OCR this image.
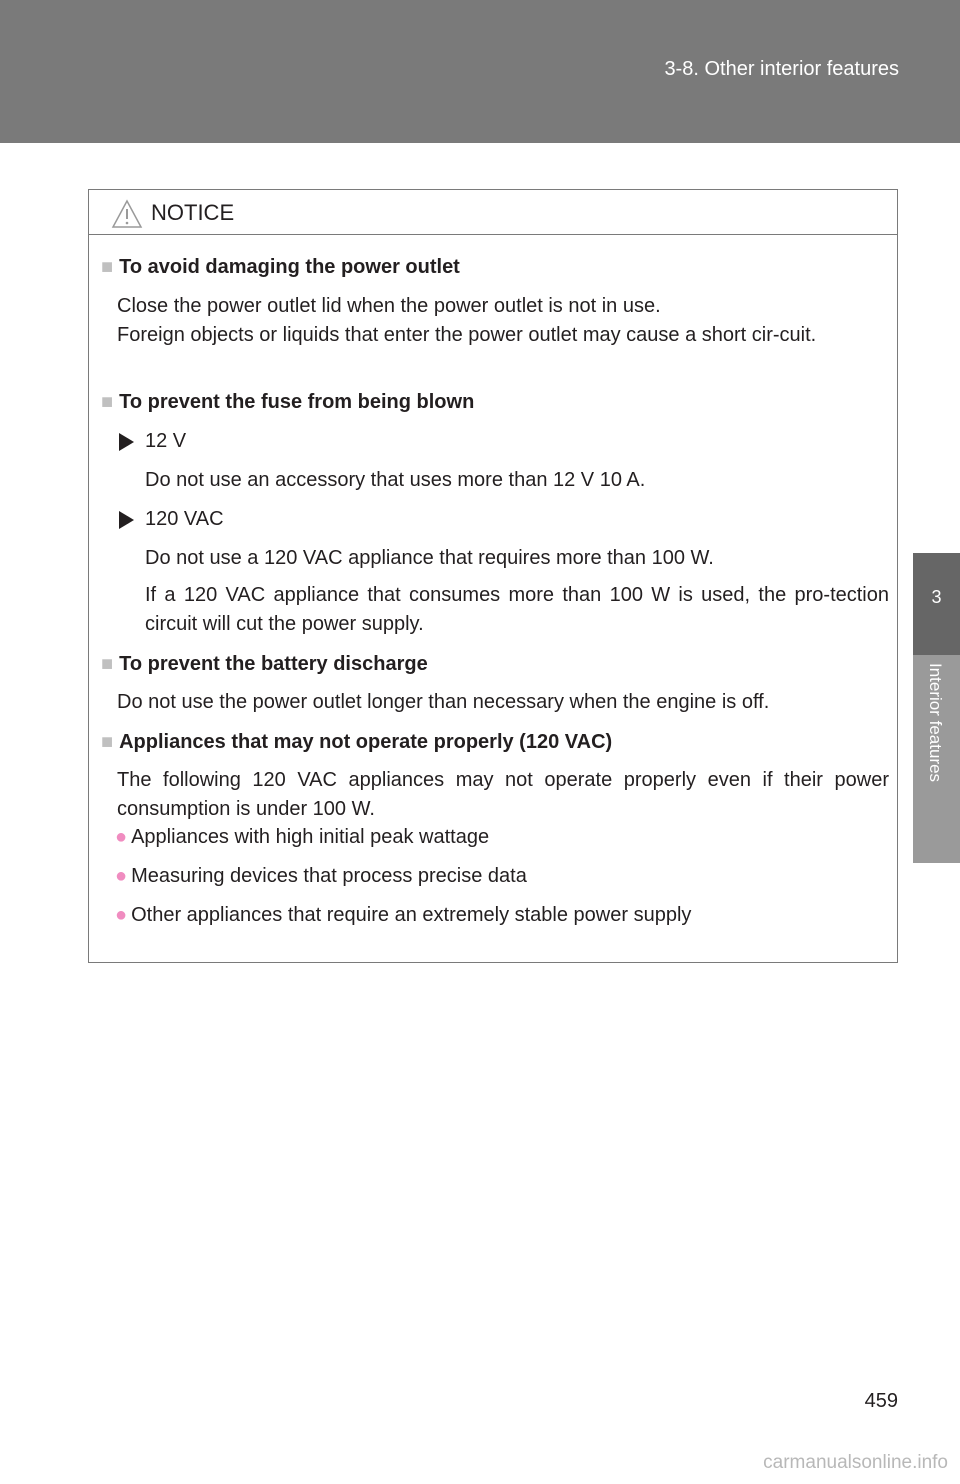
3-8. Other interior features
3
Interior features
NOTICE
■ To avoid damaging the power outlet
Close the power outlet lid when the power outlet is not in use.
Foreign objects or liquids that enter the power outlet may cause a short cir-cuit.
■ To prevent the fuse from being blown
12 V
Do not use an accessory that uses more than 12 V 10 A.
120 VAC
Do not use a 120 VAC appliance that requires more than 100 W.
If a 120 VAC appliance that consumes more than 100 W is used, the pro-tection circuit will cut the power supply.
■ To prevent the battery discharge
Do not use the power outlet longer than necessary when the engine is off.
■ Appliances that may not operate properly (120 VAC)
The following 120 VAC appliances may not operate properly even if their power consumption is under 100 W.
● Appliances with high initial peak wattage
● Measuring devices that process precise data
● Other appliances that require an extremely stable power supply
459
carmanualsonline.info
